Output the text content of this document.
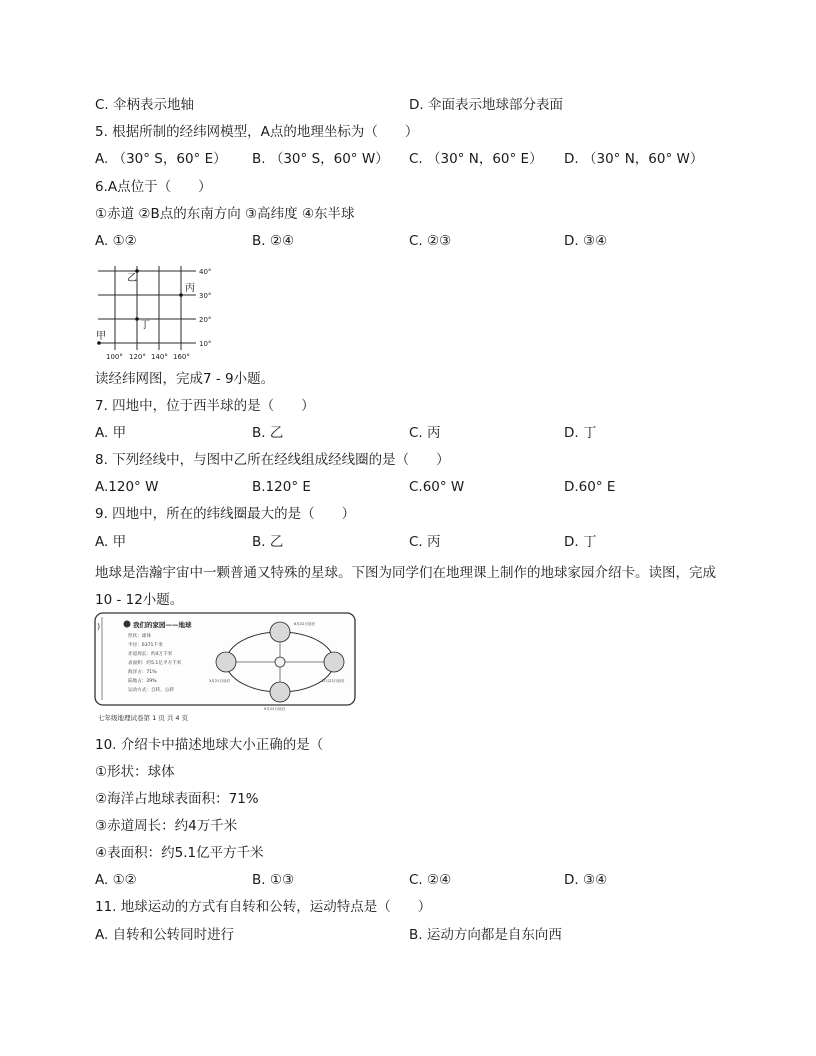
C. 伞柄表示地轴	D. 伞面表示地球部分表面
5. 根据所制的经纬网模型，A点的地理坐标为（　　）
A. （30° S，60° E） B. （30° S，60° W） C. （30° N，60° E） D. （30° N，60° W）
6.A点位于（　　）
①赤道 ②B点的东南方向 ③高纬度 ④东半球
A. ①②	B. ②④	C. ②③	D. ③④
40°
30°
20°
10°
100° 120° 140° 160°
甲
乙
丙
丁
读经纬网图，完成7 - 9小题。
7. 四地中，位于西半球的是（　　）
A. 甲	B. 乙	C. 丙	D. 丁
8. 下列经线中，与图中乙所在经线组成经线圈的是（　　）
A.120° W	B.120° E	C.60° W	D.60° E
9. 四地中，所在的纬线圈最大的是（　　）
A. 甲	B. 乙	C. 丙	D. 丁
地球是浩瀚宇宙中一颗普通又特殊的星球。下图为同学们在地理课上制作的地球家园介绍卡。读图，完成10 - 12小题。
)	我们的家园——地球
形状：球体
半径：6371千米
赤道周长：约4万千米
表面积：约5.1亿平方千米
海洋占：71%
陆地占：29%
运动方式：自转、公转
6月22日前后
9月23日前后
3月21日前后	12月22日前后
七年级地理试卷第 1 页 共 4 页
10. 介绍卡中描述地球大小正确的是（
①形状：球体
②海洋占地球表面积：71%
③赤道周长：约4万千米
④表面积：约5.1亿平方千米
A. ①②	B. ①③	C. ②④	D. ③④
11. 地球运动的方式有自转和公转，运动特点是（　　）
A. 自转和公转同时进行	B. 运动方向都是自东向西
